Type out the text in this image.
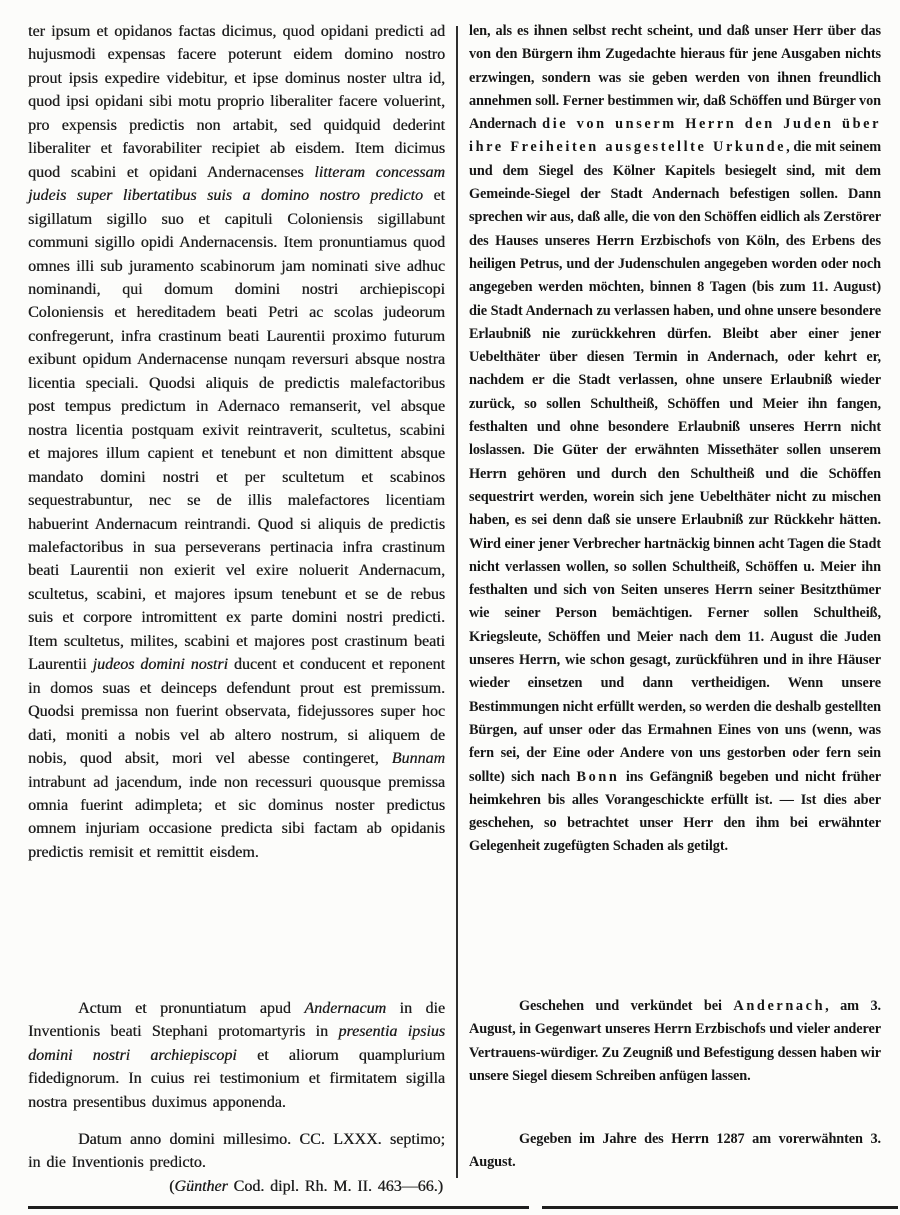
ter ipsum et opidanos factas dicimus, quod opidani predicti ad hujusmodi expensas facere poterunt eidem domino nostro prout ipsis expedire videbitur, et ipse dominus noster ultra id, quod ipsi opidani sibi motu proprio liberaliter facere voluerint, pro expensis predictis non artabit, sed quidquid dederint liberaliter et favorabiliter recipiet ab eisdem. Item dicimus quod scabini et opidani Andernacenses litteram concessam judeis super libertatibus suis a domino nostro predicto et sigillatum sigillo suo et capituli Coloniensis sigillabunt communi sigillo opidi Andernacensis. Item pronuntiamus quod omnes illi sub juramento scabinorum jam nominati sive adhuc nominandi, qui domum domini nostri archiepiscopi Coloniensis et hereditadem beati Petri ac scolas judeorum confregerunt, infra crastinum beati Laurentii proximo futurum exibunt opidum Andernacense nunqam reversuri absque nostra licentia speciali. Quodsi aliquis de predictis malefactoribus post tempus predictum in Adernaco remanserit, vel absque nostra licentia postquam exivit reintraverit, scultetus, scabini et majores illum capient et tenebunt et non dimittent absque mandato domini nostri et per scultetum et scabinos sequestrabuntur, nec se de illis malefactores licentiam habuerint Andernacum reintrandi. Quod si aliquis de predictis malefactoribus in sua perseverans pertinacia infra crastinum beati Laurentii non exierit vel exire noluerit Andernacum, scultetus, scabini, et majores ipsum tenebunt et se de rebus suis et corpore intromittent ex parte domini nostri predicti. Item scultetus, milites, scabini et majores post crastinum beati Laurentii judeos domini nostri ducent et conducent et reponent in domos suas et deinceps defendunt prout est premissum. Quodsi premissa non fuerint observata, fidejussores super hoc dati, moniti a nobis vel ab altero nostrum, si aliquem de nobis, quod absit, mori vel abesse contingeret, Bunnam intrabunt ad jacendum, inde non recessuri quousque premissa omnia fuerint adimpleta; et sic dominus noster predictus omnem injuriam occasione predicta sibi factam ab opidanis predictis remisit et remittit eisdem.

Actum et pronuntiatum apud Andernacum in die Inventionis beati Stephani protomartyris in presentia ipsius domini nostri archiepiscopi et aliorum quamplurium fidedignorum. In cuius rei testimonium et firmitatem sigilla nostra presentibus duximus apponenda.

Datum anno domini millesimo. CC. LXXX. septimo; in die Inventionis predicto.

(Günther Cod. dipl. Rh. M. II. 463—66.)

len, als es ihnen selbst recht scheint, und daß unser Herr über das von den Bürgern ihm Zugedachte hieraus für jene Ausgaben nichts erzwingen, sondern was sie geben werden von ihnen freundlich annehmen soll. Ferner bestimmen wir, daß Schöffen und Bürger von Andernach die von unserm Herrn den Juden über ihre Freiheiten ausgestellte Urkunde, die mit seinem und dem Siegel des Kölner Kapitels besiegelt sind, mit dem Gemeinde-Siegel der Stadt Andernach befestigen sollen. Dann sprechen wir aus, daß alle, die von den Schöffen eidlich als Zerstörer des Hauses unseres Herrn Erzbischofs von Köln, des Erbens des heiligen Petrus, und der Judenschulen angegeben worden oder noch angegeben werden möchten, binnen 8 Tagen (bis zum 11. August) die Stadt Andernach zu verlassen haben, und ohne unsere besondere Erlaubniß nie zurückkehren dürfen. Bleibt aber einer jener Uebelthäter über diesen Termin in Andernach, oder kehrt er, nachdem er die Stadt verlassen, ohne unsere Erlaubniß wieder zurück, so sollen Schultheiß, Schöffen und Meier ihn fangen, festhalten und ohne besondere Erlaubniß unseres Herrn nicht loslassen. Die Güter der erwähnten Missethäter sollen unserem Herrn gehören und durch den Schultheiß und die Schöffen sequestrirt werden, worein sich jene Uebelthäter nicht zu mischen haben, es sei denn daß sie unsere Erlaubniß zur Rückkehr hätten. Wird einer jener Verbrecher hartnäckig binnen acht Tagen die Stadt nicht verlassen wollen, so sollen Schultheiß, Schöffen u. Meier ihn festhalten und sich von Seiten unseres Herrn seiner Besitzthümer wie seiner Person bemächtigen. Ferner sollen Schultheiß, Kriegsleute, Schöffen und Meier nach dem 11. August die Juden unseres Herrn, wie schon gesagt, zurückführen und in ihre Häuser wieder einsetzen und dann vertheidigen. Wenn unsere Bestimmungen nicht erfüllt werden, so werden die deshalb gestellten Bürgen, auf unser oder das Ermahnen Eines von uns (wenn, was fern sei, der Eine oder Andere von uns gestorben oder fern sein sollte) sich nach Bonn ins Gefängniß begeben und nicht früher heimkehren bis alles Vorangeschickte erfüllt ist. — Ist dies aber geschehen, so betrachtet unser Herr den ihm bei erwähnter Gelegenheit zugefügten Schaden als getilgt.

Geschehen und verkündet bei Andernach, am 3. August, in Gegenwart unseres Herrn Erzbischofs und vieler anderer Vertrauens-würdiger. Zu Zeugniß und Befestigung dessen haben wir unsere Siegel diesem Schreiben anfügen lassen.

Gegeben im Jahre des Herrn 1287 am vorerwähnten 3. August.
